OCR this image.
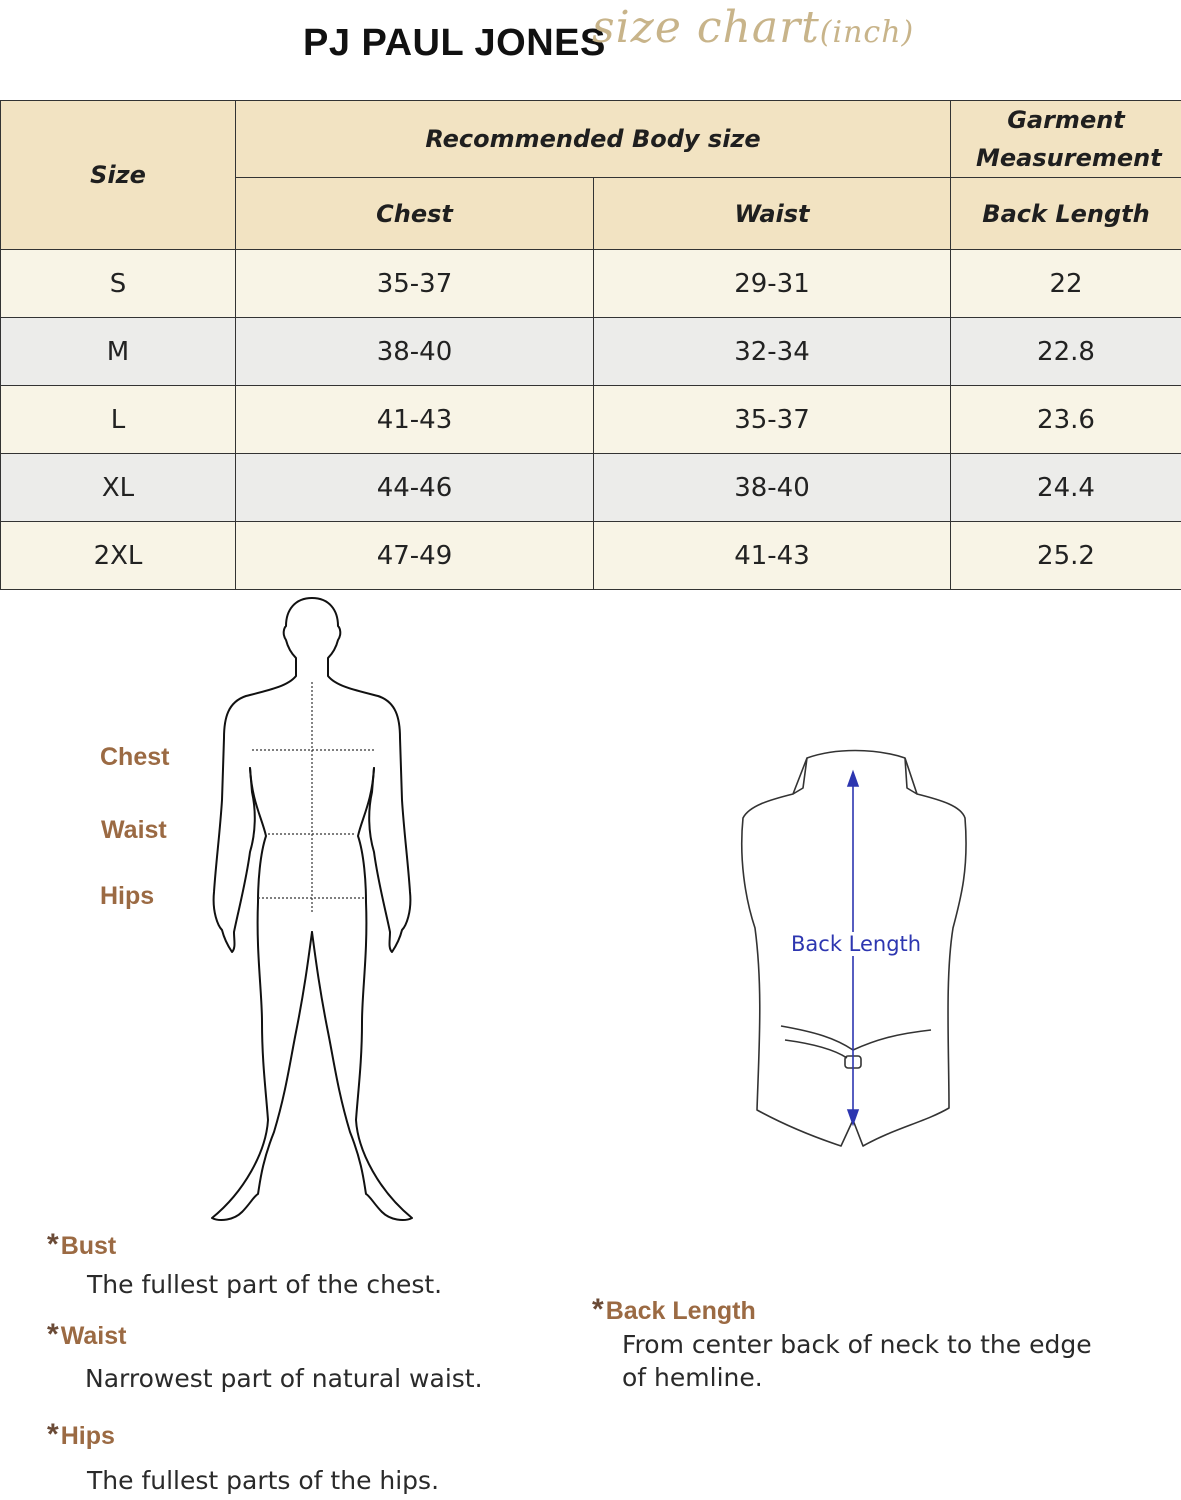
PJ PAUL JONES
size chart(inch)
Size	Recommended Body size		Garment Measurement
	Chest	Waist	Back Length
S	35-37	29-31	22
M	38-40	32-34	22.8
L	41-43	35-37	23.6
XL	44-46	38-40	24.4
2XL	47-49	41-43	25.2
Chest
Waist
Hips
Back Length
*Bust
The fullest part of the chest.
*Waist
Narrowest part of natural waist.
*Hips
The fullest parts of the hips.
*Back Length
From center back of neck to the edge
of hemline.
